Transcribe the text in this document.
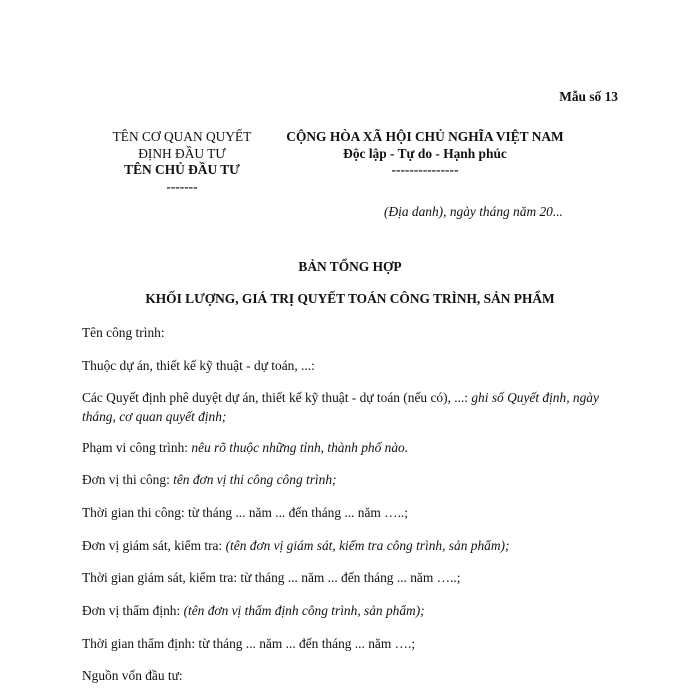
Mẫu số 13
TÊN CƠ QUAN QUYẾT
ĐỊNH ĐẦU TƯ
TÊN CHỦ ĐẦU TƯ
-------
CỘNG HÒA XÃ HỘI CHỦ NGHĨA VIỆT NAM
Độc lập - Tự do - Hạnh phúc
---------------
(Địa danh), ngày tháng năm 20...
BẢN TỔNG HỢP
KHỐI LƯỢNG, GIÁ TRỊ QUYẾT TOÁN CÔNG TRÌNH, SẢN PHẨM
Tên công trình:
Thuộc dự án, thiết kế kỹ thuật - dự toán, ...:
Các Quyết định phê duyệt dự án, thiết kế kỹ thuật - dự toán (nếu có), ...: ghi số Quyết định, ngày tháng, cơ quan quyết định;
Phạm vi công trình: nêu rõ thuộc những tỉnh, thành phố nào.
Đơn vị thi công: tên đơn vị thi công công trình;
Thời gian thi công: từ tháng ... năm ... đến tháng ... năm …..;
Đơn vị giám sát, kiểm tra: (tên đơn vị giám sát, kiểm tra công trình, sản phẩm);
Thời gian giám sát, kiểm tra: từ tháng ... năm ... đến tháng ... năm …..;
Đơn vị thẩm định: (tên đơn vị thẩm định công trình, sản phẩm);
Thời gian thẩm định: từ tháng ... năm ... đến tháng ... năm ….;
Nguồn vốn đầu tư:
